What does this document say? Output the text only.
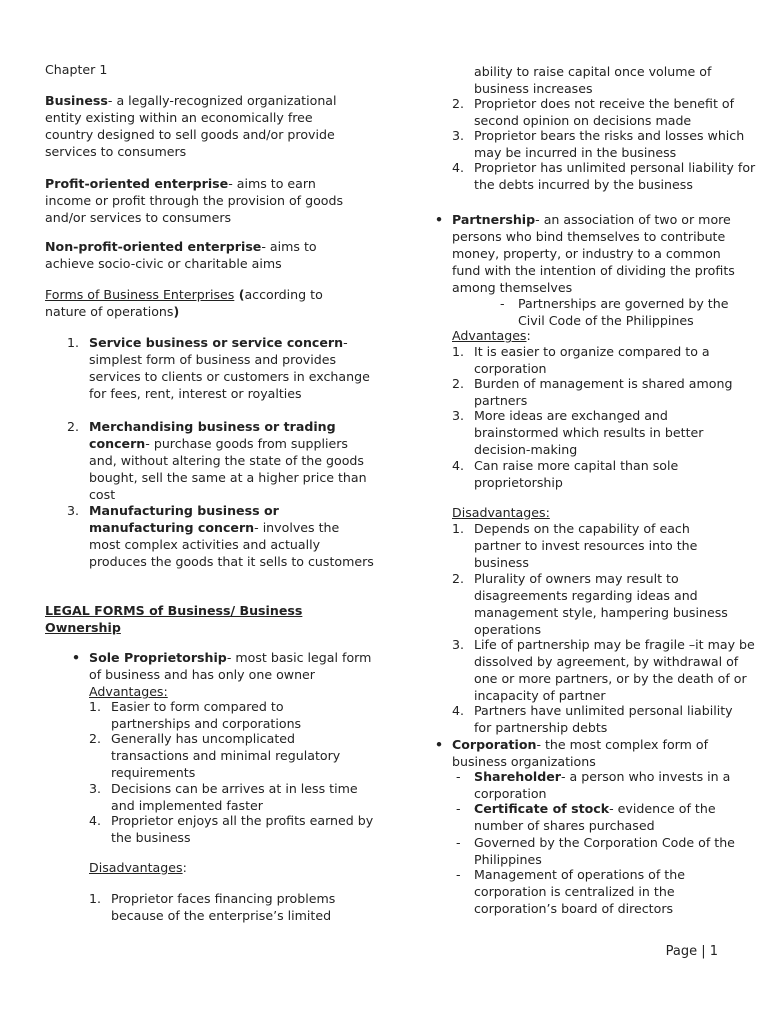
Chapter 1

Business- a legally-recognized organizational entity existing within an economically free country designed to sell goods and/or provide services to consumers

Profit-oriented enterprise- aims to earn income or profit through the provision of goods and/or services to consumers

Non-profit-oriented enterprise- aims to achieve socio-civic or charitable aims

Forms of Business Enterprises (according to nature of operations)

1. Service business or service concern- simplest form of business and provides services to clients or customers in exchange for fees, rent, interest or royalties
2. Merchandising business or trading concern- purchase goods from suppliers and, without altering the state of the goods bought, sell the same at a higher price than cost
3. Manufacturing business or manufacturing concern- involves the most complex activities and actually produces the goods that it sells to customers

LEGAL FORMS of Business/ Business Ownership

• Sole Proprietorship- most basic legal form of business and has only one owner

Advantages:

1. Easier to form compared to partnerships and corporations
2. Generally has uncomplicated transactions and minimal regulatory requirements
3. Decisions can be arrives at in less time and implemented faster
4. Proprietor enjoys all the profits earned by the business

Disadvantages:

1. Proprietor faces financing problems because of the enterprise’s limited

ability to raise capital once volume of business increases

2. Proprietor does not receive the benefit of second opinion on decisions made
3. Proprietor bears the risks and losses which may be incurred in the business
4. Proprietor has unlimited personal liability for the debts incurred by the business
• Partnership- an association of two or more persons who bind themselves to contribute money, property, or industry to a common fund with the intention of dividing the profits among themselves
- Partnerships are governed by the Civil Code of the Philippines

Advantages:

1. It is easier to organize compared to a corporation
2. Burden of management is shared among partners
3. More ideas are exchanged and brainstormed which results in better decision-making
4. Can raise more capital than sole proprietorship

Disadvantages:

1. Depends on the capability of each partner to invest resources into the business
2. Plurality of owners may result to disagreements regarding ideas and management style, hampering business operations
3. Life of partnership may be fragile –it may be dissolved by agreement, by withdrawal of one or more partners, or by the death of or incapacity of partner
4. Partners have unlimited personal liability for partnership debts
• Corporation- the most complex form of business organizations
- Shareholder- a person who invests in a corporation
- Certificate of stock- evidence of the number of shares purchased
- Governed by the Corporation Code of the Philippines
- Management of operations of the corporation is centralized in the corporation’s board of directors
Page | 1
